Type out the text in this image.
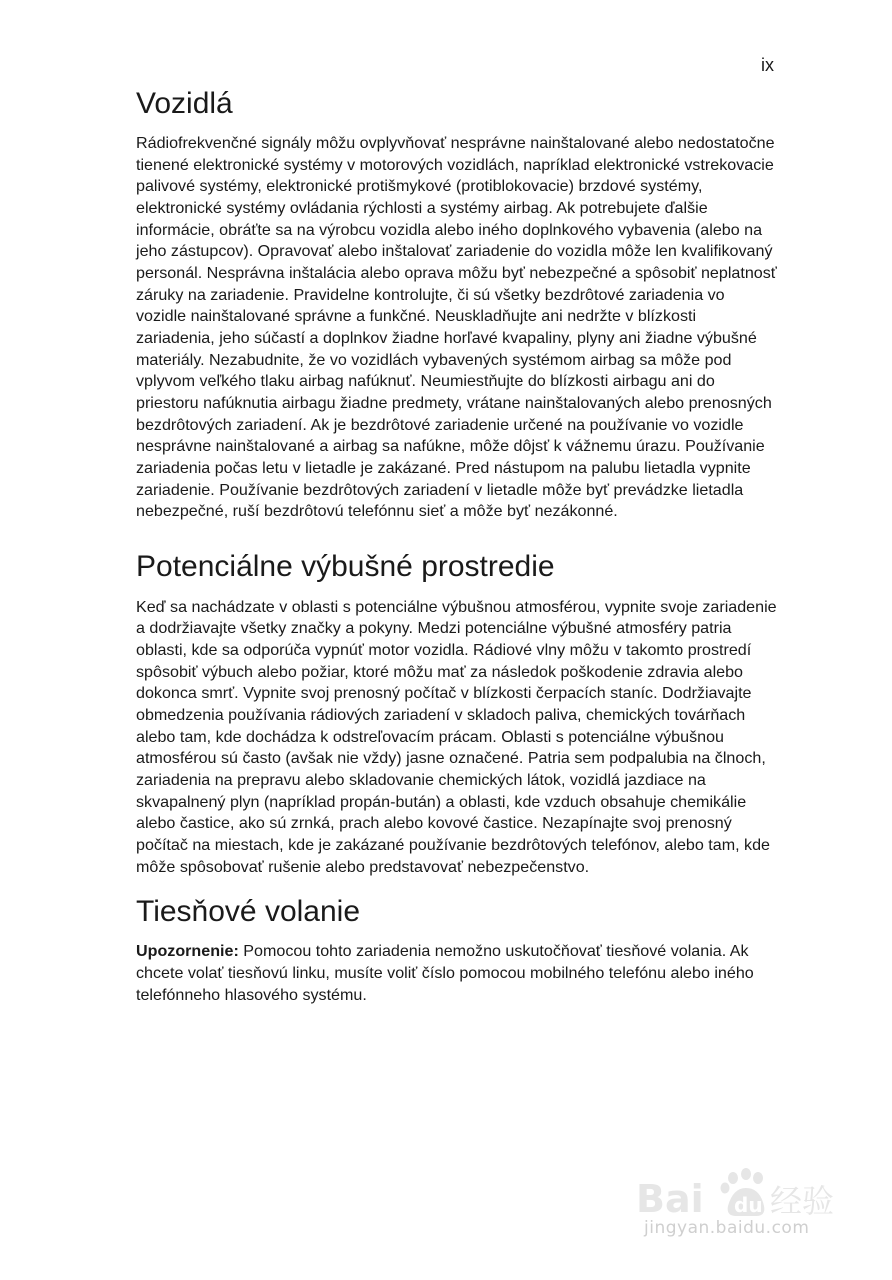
ix
Vozidlá

Rádiofrekvenčné signály môžu ovplyvňovať nesprávne nainštalované alebo nedostatočne tienené elektronické systémy v motorových vozidlách, napríklad elektronické vstrekovacie palivové systémy, elektronické protišmykové (protiblokovacie) brzdové systémy, elektronické systémy ovládania rýchlosti a systémy airbag. Ak potrebujete ďalšie informácie, obráťte sa na výrobcu vozidla alebo iného doplnkového vybavenia (alebo na jeho zástupcov). Opravovať alebo inštalovať zariadenie do vozidla môže len kvalifikovaný personál. Nesprávna inštalácia alebo oprava môžu byť nebezpečné a spôsobiť neplatnosť záruky na zariadenie. Pravidelne kontrolujte, či sú všetky bezdrôtové zariadenia vo vozidle nainštalované správne a funkčné. Neuskladňujte ani nedržte v blízkosti zariadenia, jeho súčastí a doplnkov žiadne horľavé kvapaliny, plyny ani žiadne výbušné materiály. Nezabudnite, že vo vozidlách vybavených systémom airbag sa môže pod vplyvom veľkého tlaku airbag nafúknuť. Neumiestňujte do blízkosti airbagu ani do priestoru nafúknutia airbagu žiadne predmety, vrátane nainštalovaných alebo prenosných bezdrôtových zariadení. Ak je bezdrôtové zariadenie určené na používanie vo vozidle nesprávne nainštalované a airbag sa nafúkne, môže dôjsť k vážnemu úrazu. Používanie zariadenia počas letu v lietadle je zakázané. Pred nástupom na palubu lietadla vypnite zariadenie. Používanie bezdrôtových zariadení v lietadle môže byť prevádzke lietadla nebezpečné, ruší bezdrôtovú telefónnu sieť a môže byť nezákonné.

Potenciálne výbušné prostredie

Keď sa nachádzate v oblasti s potenciálne výbušnou atmosférou, vypnite svoje zariadenie a dodržiavajte všetky značky a pokyny. Medzi potenciálne výbušné atmosféry patria oblasti, kde sa odporúča vypnúť motor vozidla. Rádiové vlny môžu v takomto prostredí spôsobiť výbuch alebo požiar, ktoré môžu mať za následok poškodenie zdravia alebo dokonca smrť. Vypnite svoj prenosný počítač v blízkosti čerpacích staníc. Dodržiavajte obmedzenia používania rádiových zariadení v skladoch paliva, chemických továrňach alebo tam, kde dochádza k odstreľovacím prácam. Oblasti s potenciálne výbušnou atmosférou sú často (avšak nie vždy) jasne označené. Patria sem podpalubia na člnoch, zariadenia na prepravu alebo skladovanie chemických látok, vozidlá jazdiace na skvapalnený plyn (napríklad propán-bután) a oblasti, kde vzduch obsahuje chemikálie alebo častice, ako sú zrnká, prach alebo kovové častice. Nezapínajte svoj prenosný počítač na miestach, kde je zakázané používanie bezdrôtových telefónov, alebo tam, kde môže spôsobovať rušenie alebo predstavovať nebezpečenstvo.

Tiesňové volanie

Upozornenie: Pomocou tohto zariadenia nemožno uskutočňovať tiesňové volania. Ak chcete volať tiesňovú linku, musíte voliť číslo pomocou mobilného telefónu alebo iného telefónneho hlasového systému.

Bai du 经验
jingyan.baidu.com
